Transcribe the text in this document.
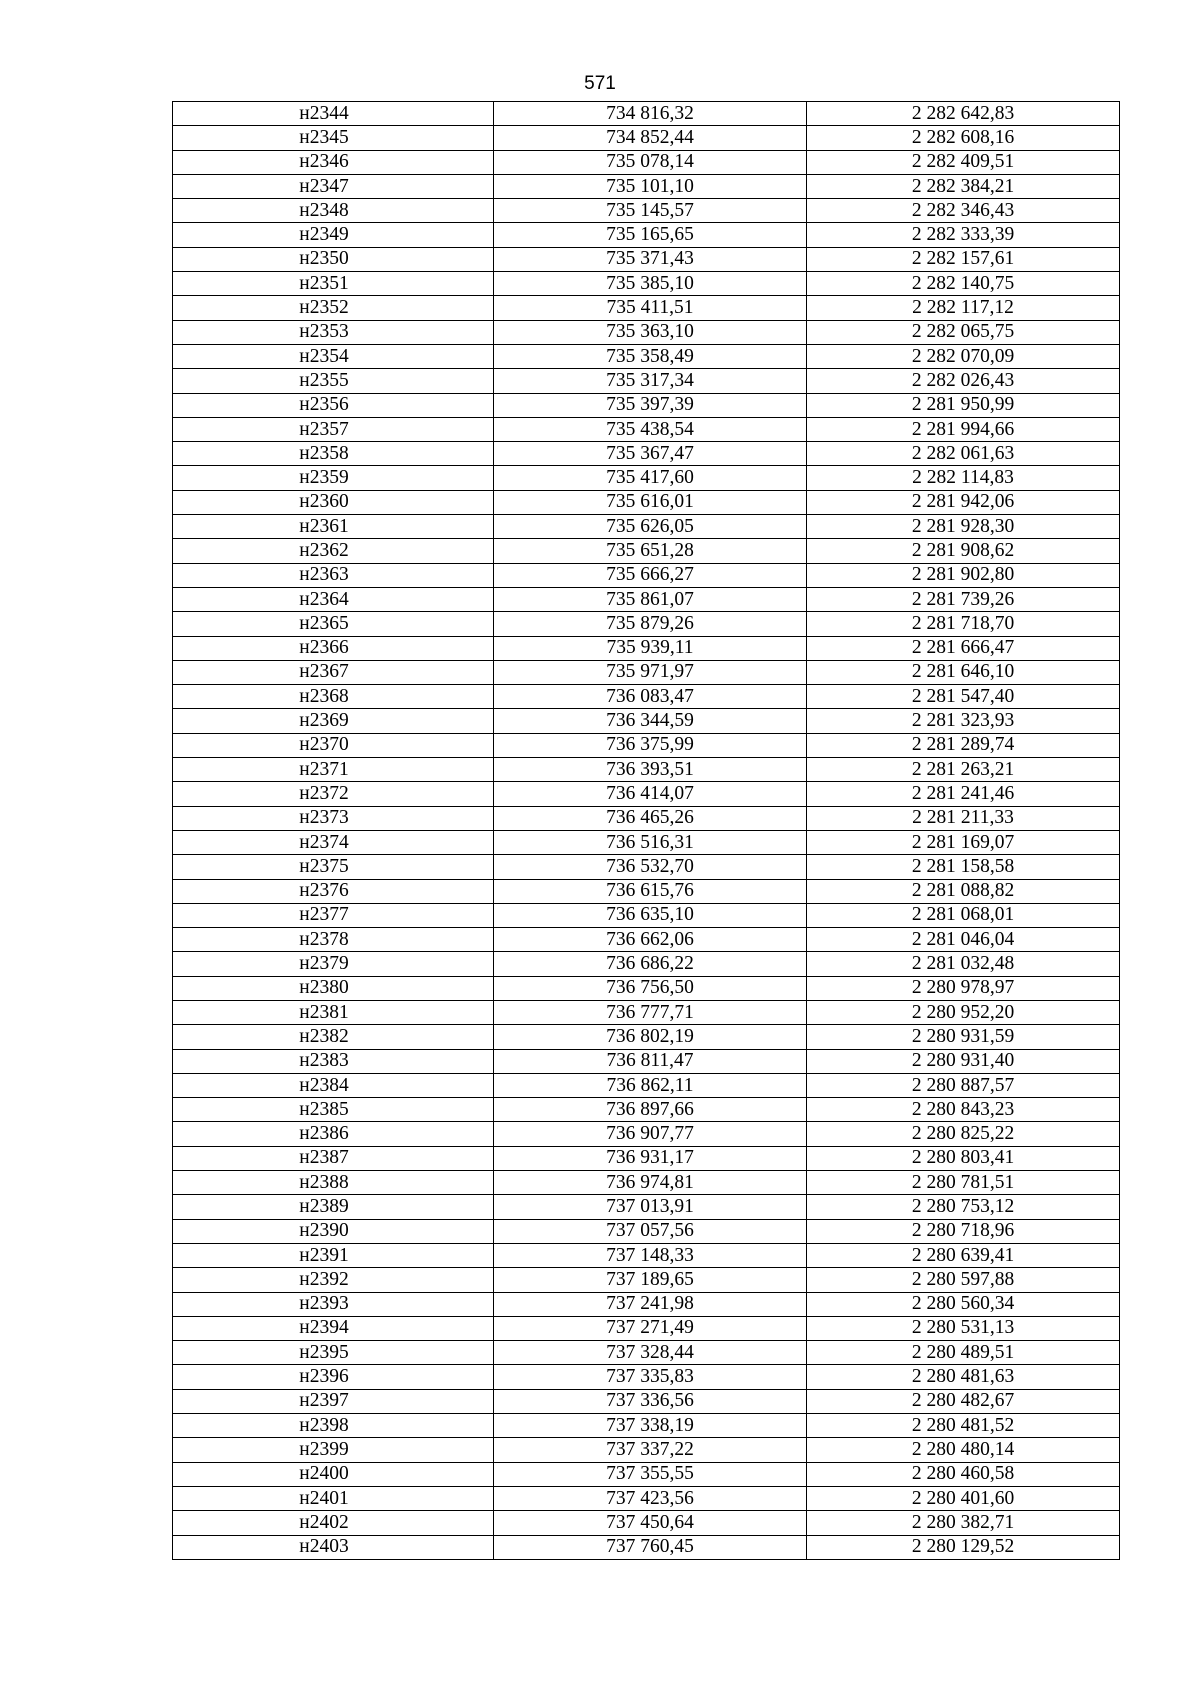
571
н2344	734 816,32	2 282 642,83
н2345	734 852,44	2 282 608,16
н2346	735 078,14	2 282 409,51
н2347	735 101,10	2 282 384,21
н2348	735 145,57	2 282 346,43
н2349	735 165,65	2 282 333,39
н2350	735 371,43	2 282 157,61
н2351	735 385,10	2 282 140,75
н2352	735 411,51	2 282 117,12
н2353	735 363,10	2 282 065,75
н2354	735 358,49	2 282 070,09
н2355	735 317,34	2 282 026,43
н2356	735 397,39	2 281 950,99
н2357	735 438,54	2 281 994,66
н2358	735 367,47	2 282 061,63
н2359	735 417,60	2 282 114,83
н2360	735 616,01	2 281 942,06
н2361	735 626,05	2 281 928,30
н2362	735 651,28	2 281 908,62
н2363	735 666,27	2 281 902,80
н2364	735 861,07	2 281 739,26
н2365	735 879,26	2 281 718,70
н2366	735 939,11	2 281 666,47
н2367	735 971,97	2 281 646,10
н2368	736 083,47	2 281 547,40
н2369	736 344,59	2 281 323,93
н2370	736 375,99	2 281 289,74
н2371	736 393,51	2 281 263,21
н2372	736 414,07	2 281 241,46
н2373	736 465,26	2 281 211,33
н2374	736 516,31	2 281 169,07
н2375	736 532,70	2 281 158,58
н2376	736 615,76	2 281 088,82
н2377	736 635,10	2 281 068,01
н2378	736 662,06	2 281 046,04
н2379	736 686,22	2 281 032,48
н2380	736 756,50	2 280 978,97
н2381	736 777,71	2 280 952,20
н2382	736 802,19	2 280 931,59
н2383	736 811,47	2 280 931,40
н2384	736 862,11	2 280 887,57
н2385	736 897,66	2 280 843,23
н2386	736 907,77	2 280 825,22
н2387	736 931,17	2 280 803,41
н2388	736 974,81	2 280 781,51
н2389	737 013,91	2 280 753,12
н2390	737 057,56	2 280 718,96
н2391	737 148,33	2 280 639,41
н2392	737 189,65	2 280 597,88
н2393	737 241,98	2 280 560,34
н2394	737 271,49	2 280 531,13
н2395	737 328,44	2 280 489,51
н2396	737 335,83	2 280 481,63
н2397	737 336,56	2 280 482,67
н2398	737 338,19	2 280 481,52
н2399	737 337,22	2 280 480,14
н2400	737 355,55	2 280 460,58
н2401	737 423,56	2 280 401,60
н2402	737 450,64	2 280 382,71
н2403	737 760,45	2 280 129,52
